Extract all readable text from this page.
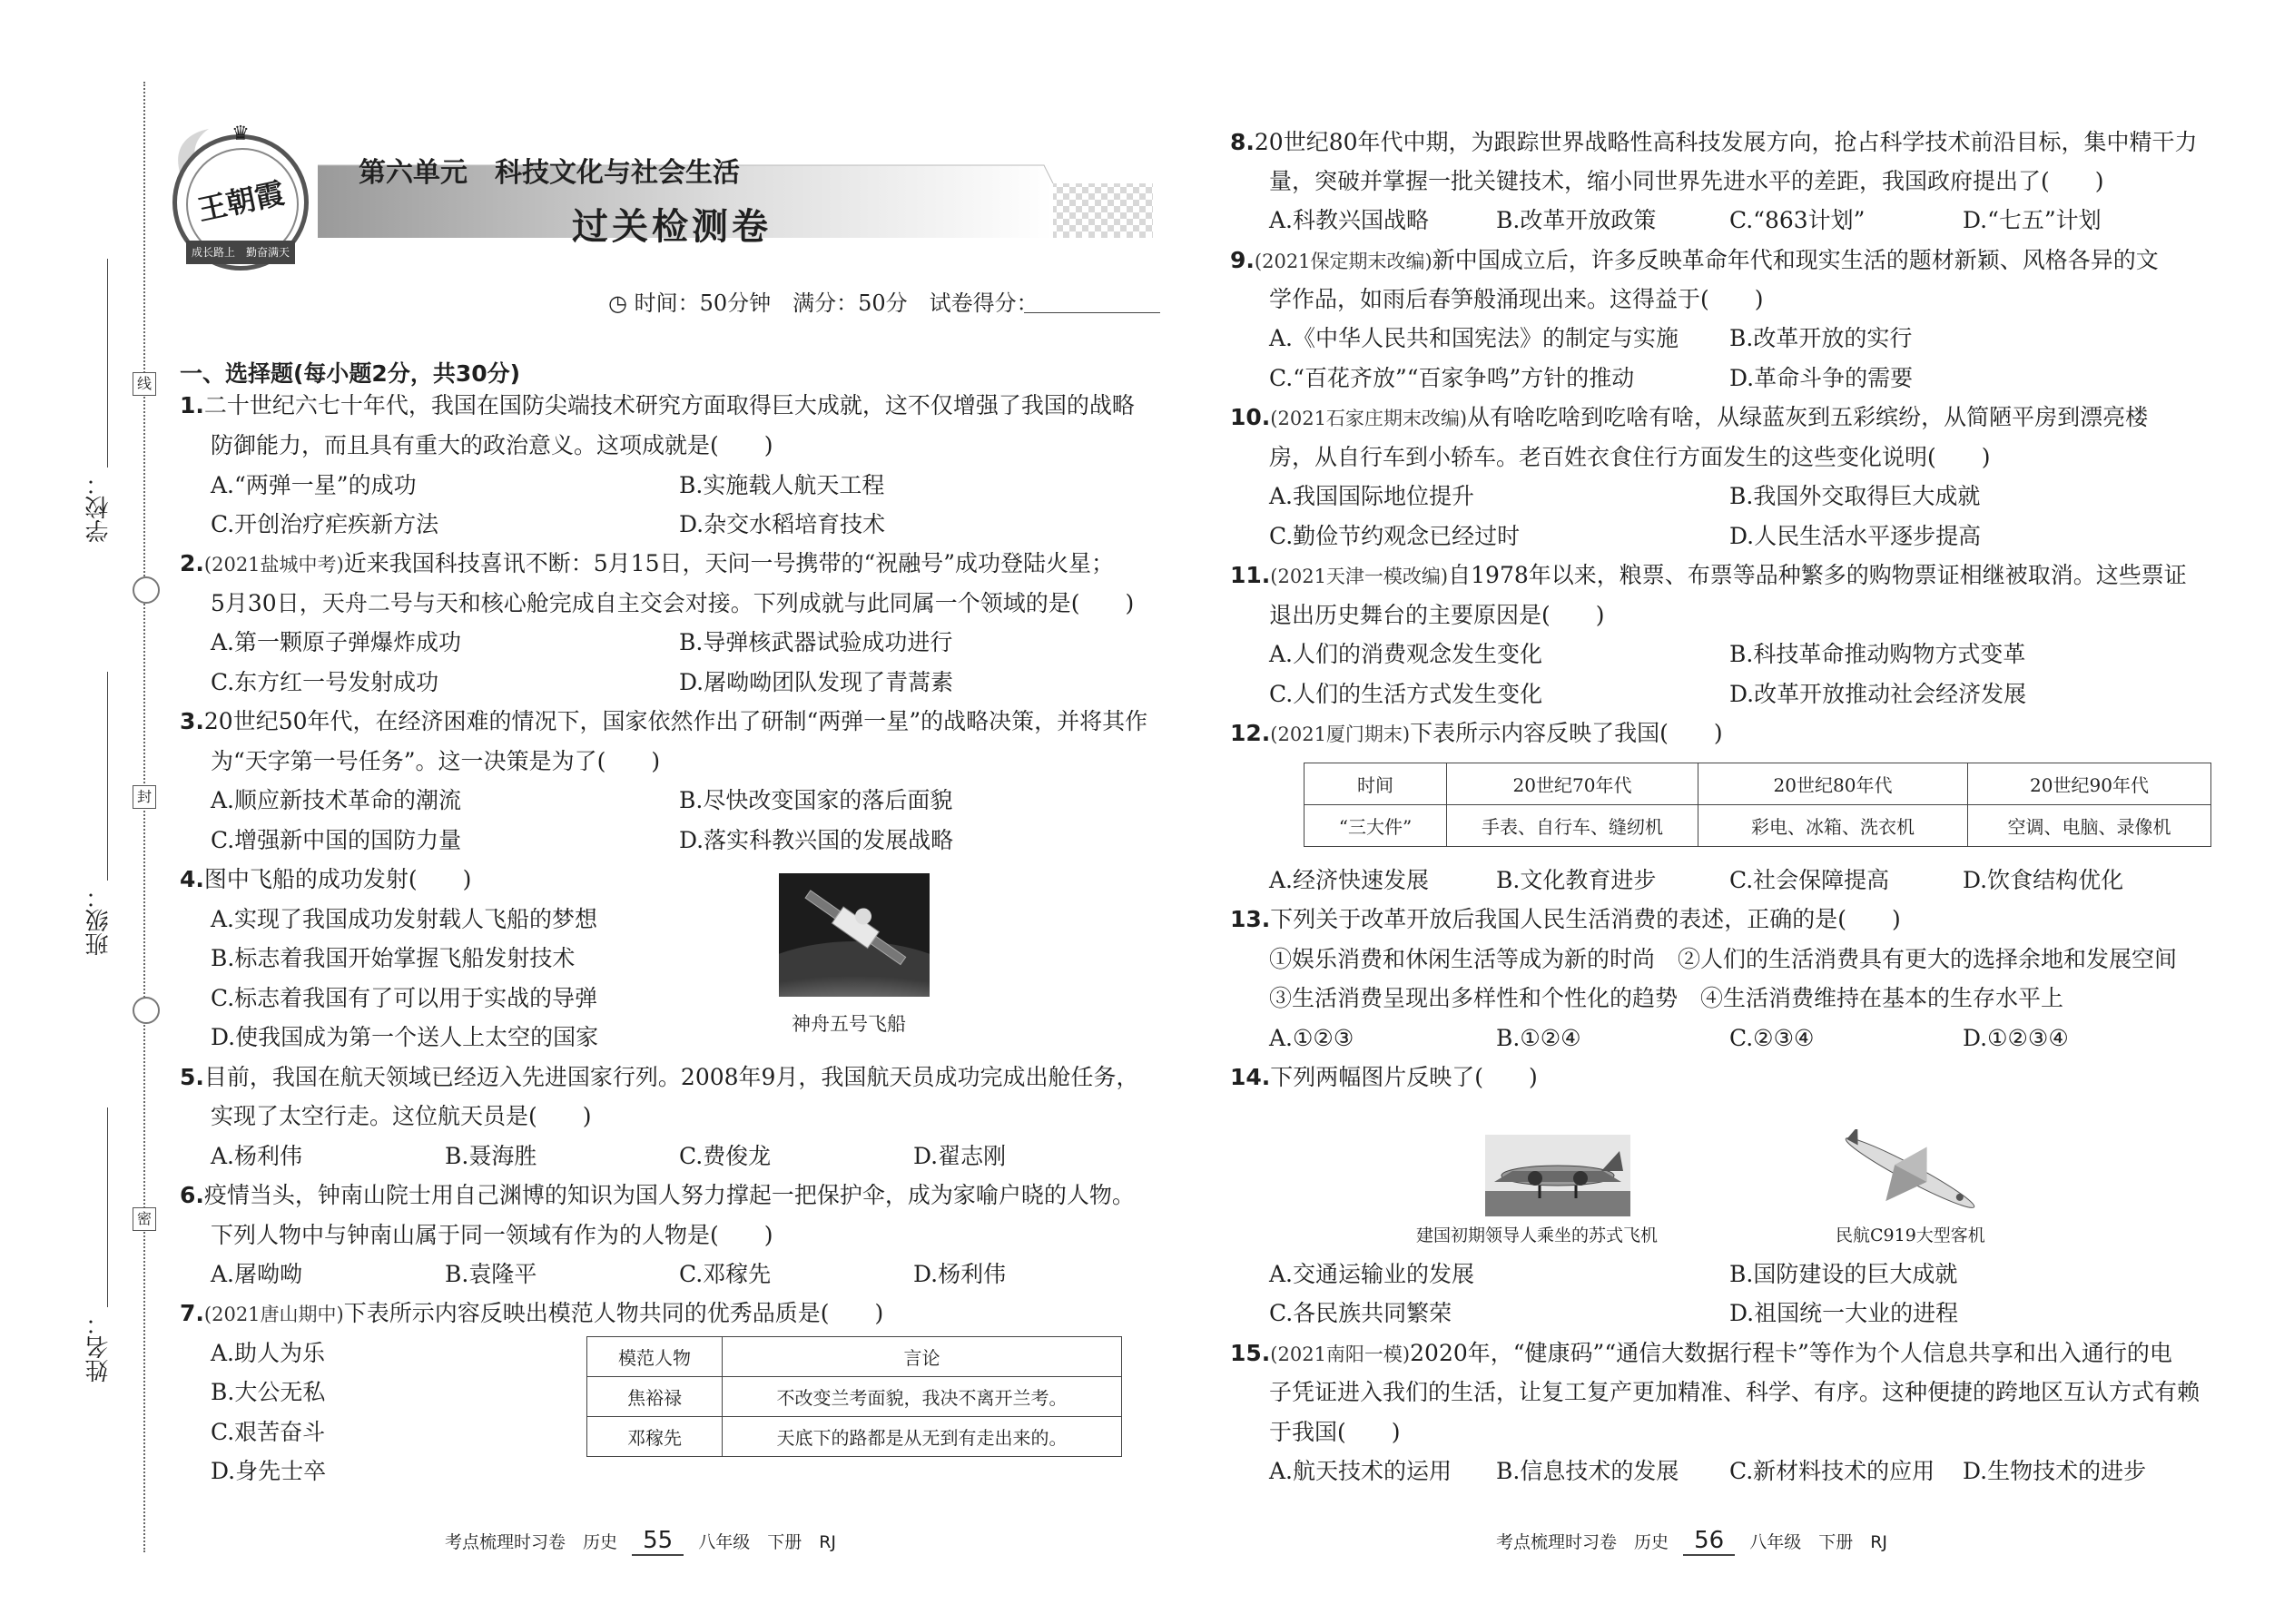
线
封
密
学校：
班级：
姓名：
王朝霞
成长路上　勤奋满天
♛
第六单元　科技文化与社会生活
过关检测卷
◷ 时间：50分钟　满分：50分　试卷得分：
一、选择题(每小题2分，共30分)
1.二十世纪六七十年代，我国在国防尖端技术研究方面取得巨大成就，这不仅增强了我国的战略
防御能力，而且具有重大的政治意义。这项成就是(　　)
A.“两弹一星”的成功	B.实施载人航天工程
C.开创治疗疟疾新方法	D.杂交水稻培育技术
2.(2021盐城中考)近来我国科技喜讯不断：5月15日，天问一号携带的“祝融号”成功登陆火星；
5月30日，天舟二号与天和核心舱完成自主交会对接。下列成就与此同属一个领域的是(　　)
A.第一颗原子弹爆炸成功	B.导弹核武器试验成功进行
C.东方红一号发射成功	D.屠呦呦团队发现了青蒿素
3.20世纪50年代，在经济困难的情况下，国家依然作出了研制“两弹一星”的战略决策，并将其作
为“天字第一号任务”。这一决策是为了(　　)
A.顺应新技术革命的潮流	B.尽快改变国家的落后面貌
C.增强新中国的国防力量	D.落实科教兴国的发展战略
4.图中飞船的成功发射(　　)
A.实现了我国成功发射载人飞船的梦想
B.标志着我国开始掌握飞船发射技术
C.标志着我国有了可以用于实战的导弹
D.使我国成为第一个送人上太空的国家	神舟五号飞船
5.目前，我国在航天领域已经迈入先进国家行列。2008年9月，我国航天员成功完成出舱任务，
实现了太空行走。这位航天员是(　　)
A.杨利伟	B.聂海胜	C.费俊龙	D.翟志刚
6.疫情当头，钟南山院士用自己渊博的知识为国人努力撑起一把保护伞，成为家喻户晓的人物。
下列人物中与钟南山属于同一领域有作为的人物是(　　)
A.屠呦呦	B.袁隆平	C.邓稼先	D.杨利伟
7.(2021唐山期中)下表所示内容反映出模范人物共同的优秀品质是(　　)
A.助人为乐
B.大公无私
C.艰苦奋斗
D.身先士卒
模范人物	言论
焦裕禄	不改变兰考面貌，我决不离开兰考。
邓稼先	天底下的路都是从无到有走出来的。
考点梳理时习卷　历史 55 八年级　下册　RJ
8.20世纪80年代中期，为跟踪世界战略性高科技发展方向，抢占科学技术前沿目标，集中精干力
量，突破并掌握一批关键技术，缩小同世界先进水平的差距，我国政府提出了(　　)
A.科教兴国战略	B.改革开放政策	C.“863计划”	D.“七五”计划
9.(2021保定期末改编)新中国成立后，许多反映革命年代和现实生活的题材新颖、风格各异的文
学作品，如雨后春笋般涌现出来。这得益于(　　)
A.《中华人民共和国宪法》的制定与实施 B.改革开放的实行
C.“百花齐放”“百家争鸣”方针的推动	D.革命斗争的需要
10.(2021石家庄期末改编)从有啥吃啥到吃啥有啥，从绿蓝灰到五彩缤纷，从简陋平房到漂亮楼
房，从自行车到小轿车。老百姓衣食住行方面发生的这些变化说明(　　)
A.我国国际地位提升	B.我国外交取得巨大成就
C.勤俭节约观念已经过时	D.人民生活水平逐步提高
11.(2021天津一模改编)自1978年以来，粮票、布票等品种繁多的购物票证相继被取消。这些票证
退出历史舞台的主要原因是(　　)
A.人们的消费观念发生变化	B.科技革命推动购物方式变革
C.人们的生活方式发生变化	D.改革开放推动社会经济发展
12.(2021厦门期末)下表所示内容反映了我国(　　)
时间	20世纪70年代	20世纪80年代	20世纪90年代
“三大件”	手表、自行车、缝纫机	彩电、冰箱、洗衣机	空调、电脑、录像机
A.经济快速发展	B.文化教育进步	C.社会保障提高	D.饮食结构优化
13.下列关于改革开放后我国人民生活消费的表述，正确的是(　　)
①娱乐消费和休闲生活等成为新的时尚　②人们的生活消费具有更大的选择余地和发展空间
③生活消费呈现出多样性和个性化的趋势　④生活消费维持在基本的生存水平上
A.①②③	B.①②④	C.②③④	D.①②③④
14.下列两幅图片反映了(　　)
建国初期领导人乘坐的苏式飞机	民航C919大型客机
A.交通运输业的发展	B.国防建设的巨大成就
C.各民族共同繁荣	D.祖国统一大业的进程
15.(2021南阳一模)2020年，“健康码”“通信大数据行程卡”等作为个人信息共享和出入通行的电
子凭证进入我们的生活，让复工复产更加精准、科学、有序。这种便捷的跨地区互认方式有赖
于我国(　　)
A.航天技术的运用 B.信息技术的发展 C.新材料技术的应用 D.生物技术的进步
考点梳理时习卷　历史 56 八年级　下册　RJ
